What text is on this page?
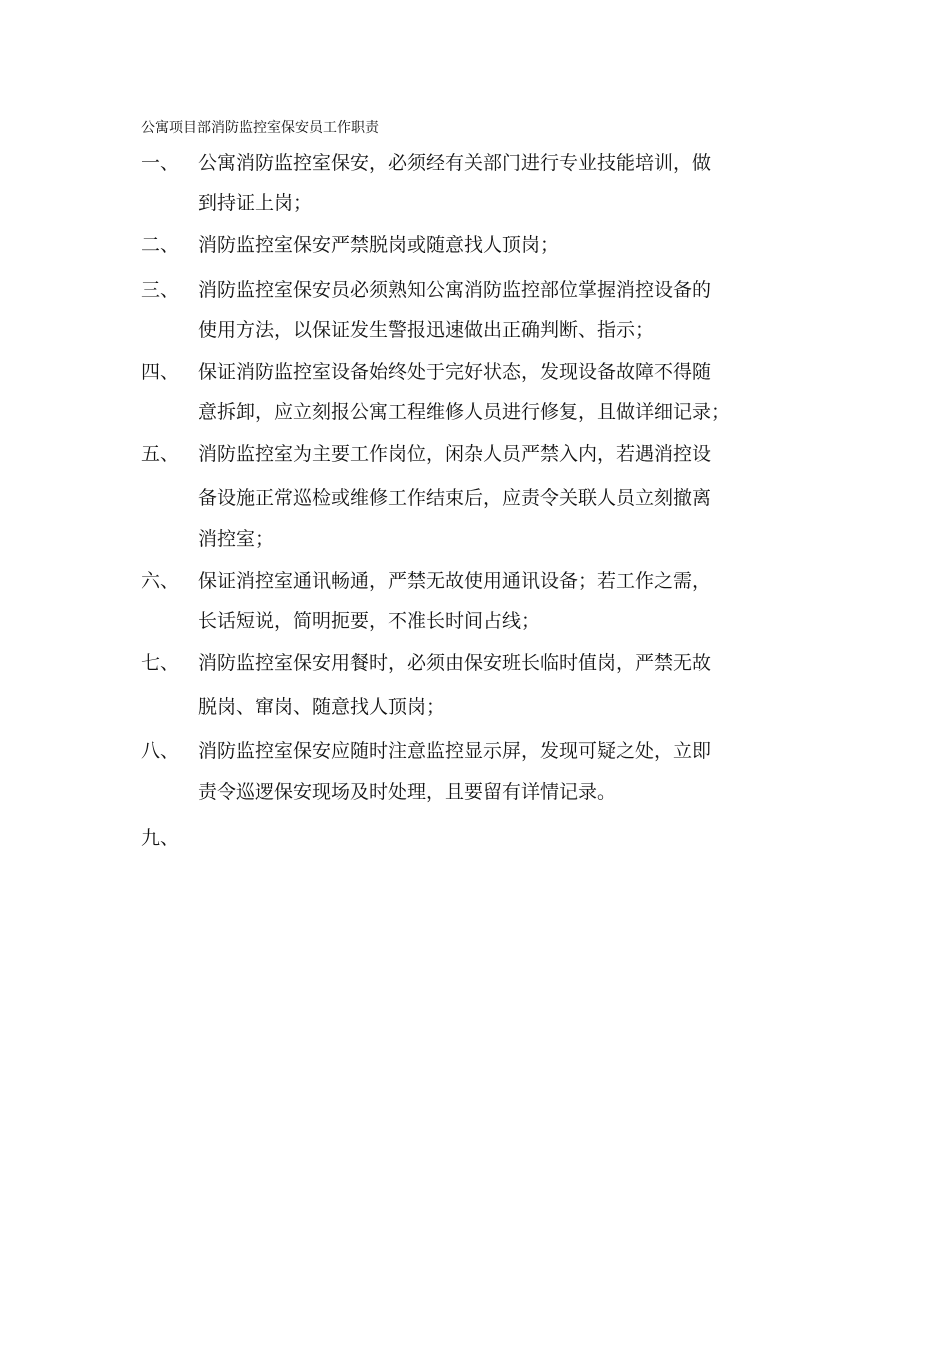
公寓项目部消防监控室保安员工作职责
一、 公寓消防监控室保安，必须经有关部门进行专业技能培训，做
到持证上岗；
二、 消防监控室保安严禁脱岗或随意找人顶岗；
三、 消防监控室保安员必须熟知公寓消防监控部位掌握消控设备的
使用方法，以保证发生警报迅速做出正确判断、指示；
四、 保证消防监控室设备始终处于完好状态，发现设备故障不得随
意拆卸，应立刻报公寓工程维修人员进行修复，且做详细记录；
五、 消防监控室为主要工作岗位，闲杂人员严禁入内，若遇消控设
备设施正常巡检或维修工作结束后，应责令关联人员立刻撤离
消控室；
六、 保证消控室通讯畅通，严禁无故使用通讯设备；若工作之需，
长话短说，简明扼要，不准长时间占线；
七、 消防监控室保安用餐时，必须由保安班长临时值岗，严禁无故
脱岗、窜岗、随意找人顶岗；
八、 消防监控室保安应随时注意监控显示屏，发现可疑之处，立即
责令巡逻保安现场及时处理，且要留有详情记录。
九、
